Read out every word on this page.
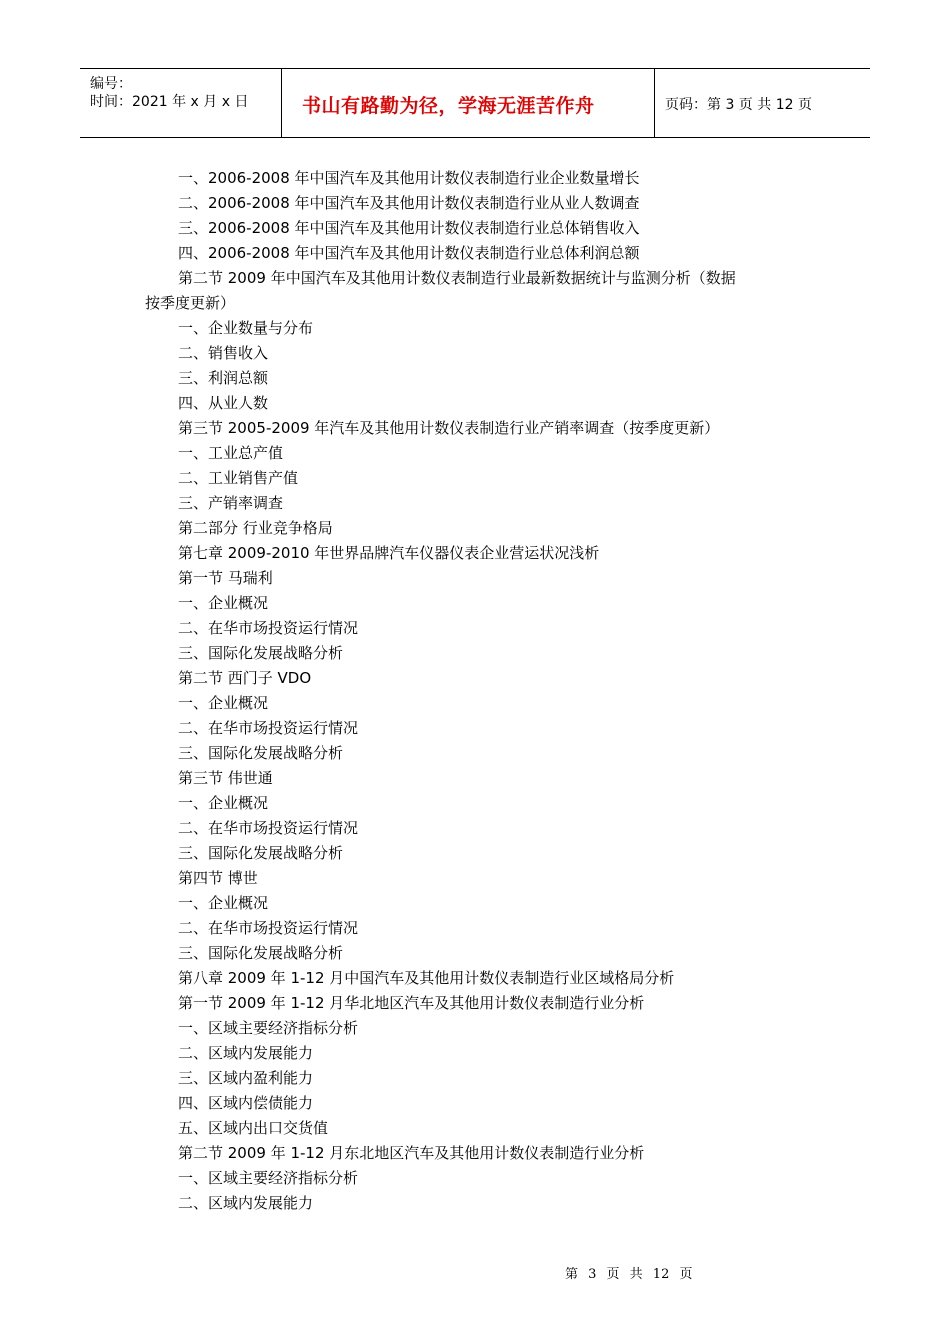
编号：
时间：2021 年 x 月 x 日	书山有路勤为径，学海无涯苦作舟	页码：第 3 页 共 12 页
一、2006-2008 年中国汽车及其他用计数仪表制造行业企业数量增长
二、2006-2008 年中国汽车及其他用计数仪表制造行业从业人数调查
三、2006-2008 年中国汽车及其他用计数仪表制造行业总体销售收入
四、2006-2008 年中国汽车及其他用计数仪表制造行业总体利润总额
第二节 2009 年中国汽车及其他用计数仪表制造行业最新数据统计与监测分析（数据
按季度更新）
一、企业数量与分布
二、销售收入
三、利润总额
四、从业人数
第三节 2005-2009 年汽车及其他用计数仪表制造行业产销率调查（按季度更新）
一、工业总产值
二、工业销售产值
三、产销率调查
第二部分 行业竞争格局
第七章 2009-2010 年世界品牌汽车仪器仪表企业营运状况浅析
第一节 马瑞利
一、企业概况
二、在华市场投资运行情况
三、国际化发展战略分析
第二节 西门子 VDO
一、企业概况
二、在华市场投资运行情况
三、国际化发展战略分析
第三节 伟世通
一、企业概况
二、在华市场投资运行情况
三、国际化发展战略分析
第四节 博世
一、企业概况
二、在华市场投资运行情况
三、国际化发展战略分析
第八章 2009 年 1-12 月中国汽车及其他用计数仪表制造行业区域格局分析
第一节 2009 年 1-12 月华北地区汽车及其他用计数仪表制造行业分析
一、区域主要经济指标分析
二、区域内发展能力
三、区域内盈利能力
四、区域内偿债能力
五、区域内出口交货值
第二节 2009 年 1-12 月东北地区汽车及其他用计数仪表制造行业分析
一、区域主要经济指标分析
二、区域内发展能力
第 3 页 共 12 页
